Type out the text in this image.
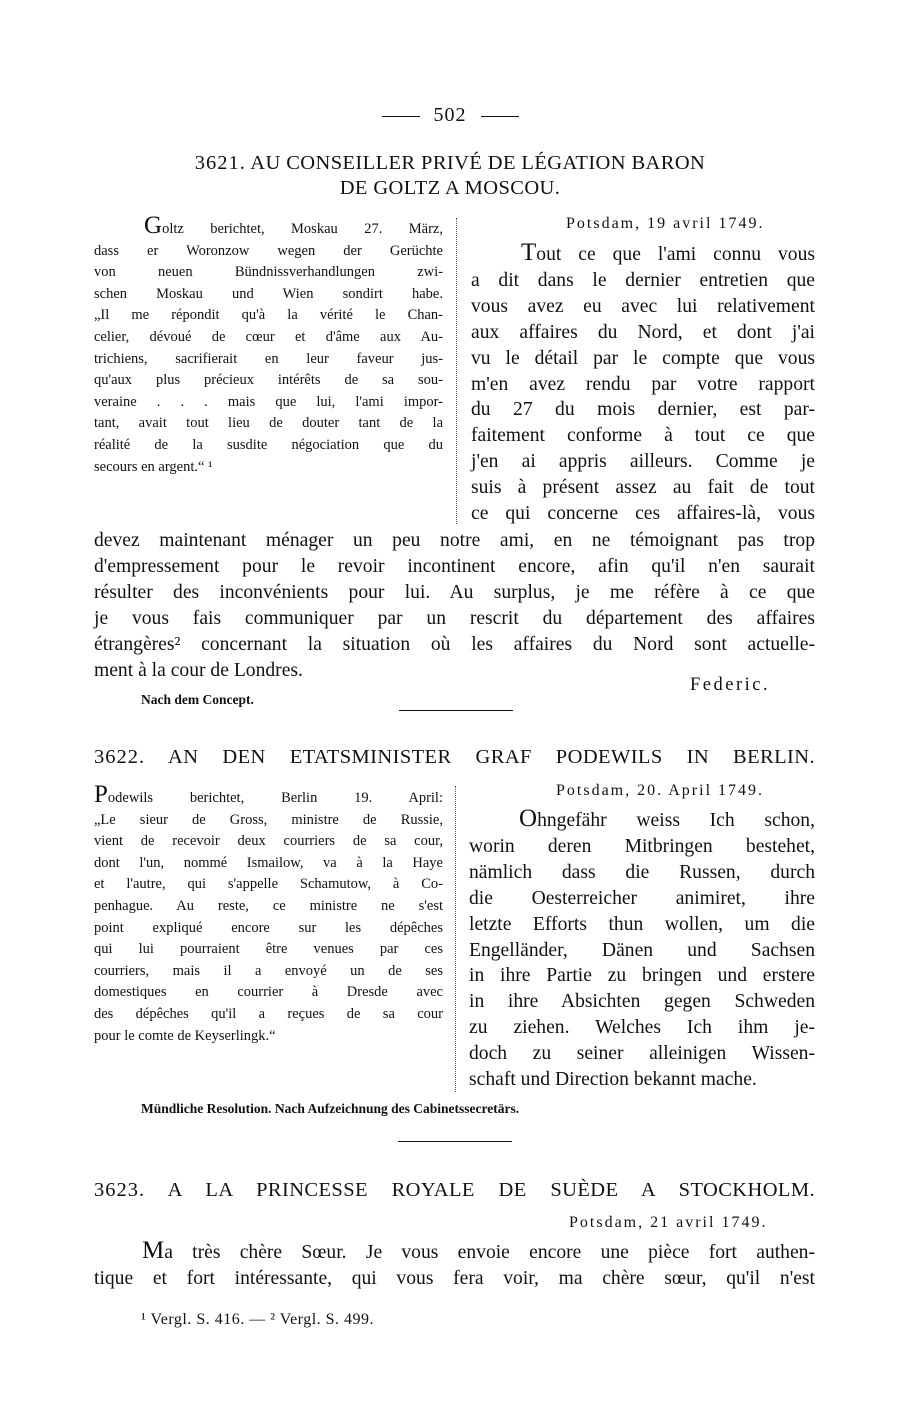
502
3621. AU CONSEILLER PRIVÉ DE LÉGATION BARON
DE GOLTZ A MOSCOU.
Goltz berichtet, Moskau 27. März,
dass er Woronzow wegen der Gerüchte
von neuen Bündnissverhandlungen zwi-
schen Moskau und Wien sondirt habe.
„Il me répondit qu'à la vérité le Chan-
celier, dévoué de cœur et d'âme aux Au-
trichiens, sacrifierait en leur faveur jus-
qu'aux plus précieux intérêts de sa sou-
veraine . . . mais que lui, l'ami impor-
tant, avait tout lieu de douter tant de la
réalité de la susdite négociation que du
secours en argent.“ ¹
Potsdam, 19 avril 1749.
Tout ce que l'ami connu vous
a dit dans le dernier entretien que
vous avez eu avec lui relativement
aux affaires du Nord, et dont j'ai
vu le détail par le compte que vous
m'en avez rendu par votre rapport
du 27 du mois dernier, est par-
faitement conforme à tout ce que
j'en ai appris ailleurs. Comme je
suis à présent assez au fait de tout
ce qui concerne ces affaires-là, vous
devez maintenant ménager un peu notre ami, en ne témoignant pas trop
d'empressement pour le revoir incontinent encore, afin qu'il n'en saurait
résulter des inconvénients pour lui. Au surplus, je me réfère à ce que
je vous fais communiquer par un rescrit du département des affaires
étrangères² concernant la situation où les affaires du Nord sont actuelle-
ment à la cour de Londres.
Federic.
Nach dem Concept.
3622. AN DEN ETATSMINISTER GRAF PODEWILS IN BERLIN.
Podewils berichtet, Berlin 19. April:
„Le sieur de Gross, ministre de Russie,
vient de recevoir deux courriers de sa cour,
dont l'un, nommé Ismailow, va à la Haye
et l'autre, qui s'appelle Schamutow, à Co-
penhague. Au reste, ce ministre ne s'est
point expliqué encore sur les dépêches
qui lui pourraient être venues par ces
courriers, mais il a envoyé un de ses
domestiques en courrier à Dresde avec
des dépêches qu'il a reçues de sa cour
pour le comte de Keyserlingk.“
Potsdam, 20. April 1749.
Ohngefähr weiss Ich schon,
worin deren Mitbringen bestehet,
nämlich dass die Russen, durch
die Oesterreicher animiret, ihre
letzte Efforts thun wollen, um die
Engelländer, Dänen und Sachsen
in ihre Partie zu bringen und erstere
in ihre Absichten gegen Schweden
zu ziehen. Welches Ich ihm je-
doch zu seiner alleinigen Wissen-
schaft und Direction bekannt mache.
Mündliche Resolution. Nach Aufzeichnung des Cabinetssecretärs.
3623. A LA PRINCESSE ROYALE DE SUÈDE A STOCKHOLM.
Potsdam, 21 avril 1749.
Ma très chère Sœur. Je vous envoie encore une pièce fort authen-
tique et fort intéressante, qui vous fera voir, ma chère sœur, qu'il n'est
¹ Vergl. S. 416. — ² Vergl. S. 499.
